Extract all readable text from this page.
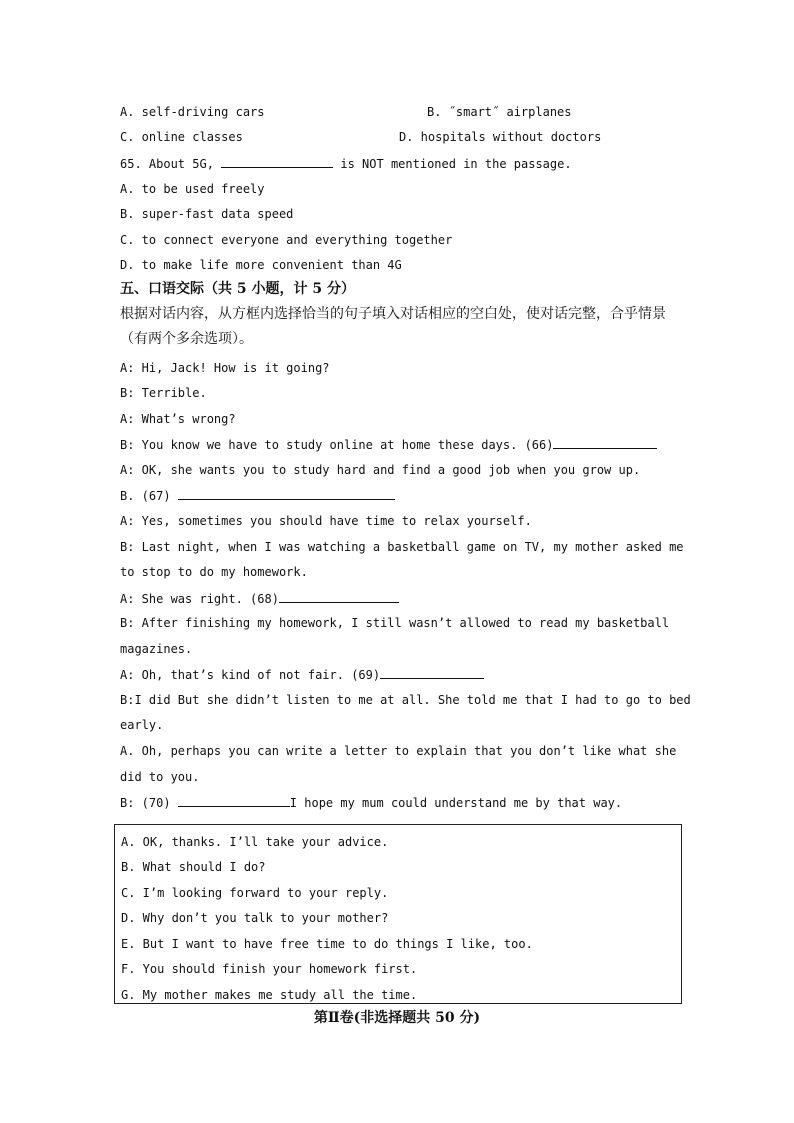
A. self-driving cars	B. ˝smart˝ airplanes
C. online classes	D. hospitals without doctors
65. About 5G,	is NOT mentioned in the passage.
A. to be used freely
B. super-fast data speed
C. to connect everyone and everything together
D. to make life more convenient than 4G
五、口语交际（共 5 小题，计 5 分）
根据对话内容，从方框内选择恰当的句子填入对话相应的空白处，使对话完整，合乎情景
（有两个多余选项）。
A: Hi, Jack! How is it going?
B: Terrible.
A: What’s wrong?
B: You know we have to study online at home these days. (66)
A: OK, she wants you to study hard and find a good job when you grow up.
B. (67)
A: Yes, sometimes you should have time to relax yourself.
B: Last night, when I was watching a basketball game on TV, my mother asked me
to stop to do my homework.
A: She was right. (68)
B: After finishing my homework, I still wasn’t allowed to read my basketball
magazines.
A: Oh, that’s kind of not fair. (69)
B:I did But she didn’t listen to me at all. She told me that I had to go to bed
early.
A. Oh, perhaps you can write a letter to explain that you don’t like what she
did to you.
B: (70)	I hope my mum could understand me by that way.
A. OK, thanks. I’ll take your advice.
B. What should I do?
C. I’m looking forward to your reply.
D. Why don’t you talk to your mother?
E. But I want to have free time to do things I like, too.
F. You should finish your homework first.
G. My mother makes me study all the time.
第Ⅱ卷(非选择题共 50 分)
